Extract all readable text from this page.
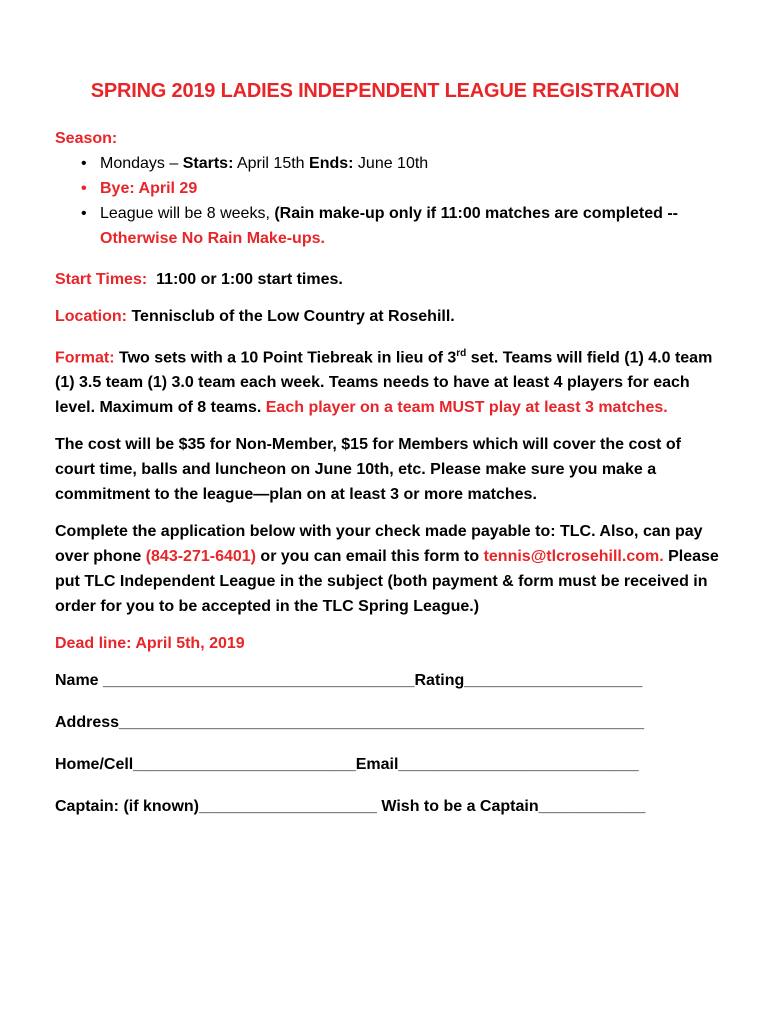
SPRING 2019 LADIES INDEPENDENT LEAGUE REGISTRATION
Season:
• Mondays – Starts: April 15th Ends: June 10th
• Bye: April 29
• League will be 8 weeks, (Rain make-up only if 11:00 matches are completed -- Otherwise No Rain Make-ups.
Start Times: 11:00 or 1:00 start times.
Location: Tennisclub of the Low Country at Rosehill.
Format: Two sets with a 10 Point Tiebreak in lieu of 3rd set. Teams will field (1) 4.0 team (1) 3.5 team (1) 3.0 team each week. Teams needs to have at least 4 players for each level. Maximum of 8 teams. Each player on a team MUST play at least 3 matches.
The cost will be $35 for Non-Member, $15 for Members which will cover the cost of court time, balls and luncheon on June 10th, etc. Please make sure you make a commitment to the league—plan on at least 3 or more matches.
Complete the application below with your check made payable to: TLC. Also, can pay over phone (843-271-6401) or you can email this form to tennis@tlcrosehill.com. Please put TLC Independent League in the subject (both payment & form must be received in order for you to be accepted in the TLC Spring League.)
Dead line: April 5th, 2019
Name ___________________________________Rating____________________
Address___________________________________________________________
Home/Cell_________________________Email___________________________
Captain: (if known)____________________ Wish to be a Captain____________
